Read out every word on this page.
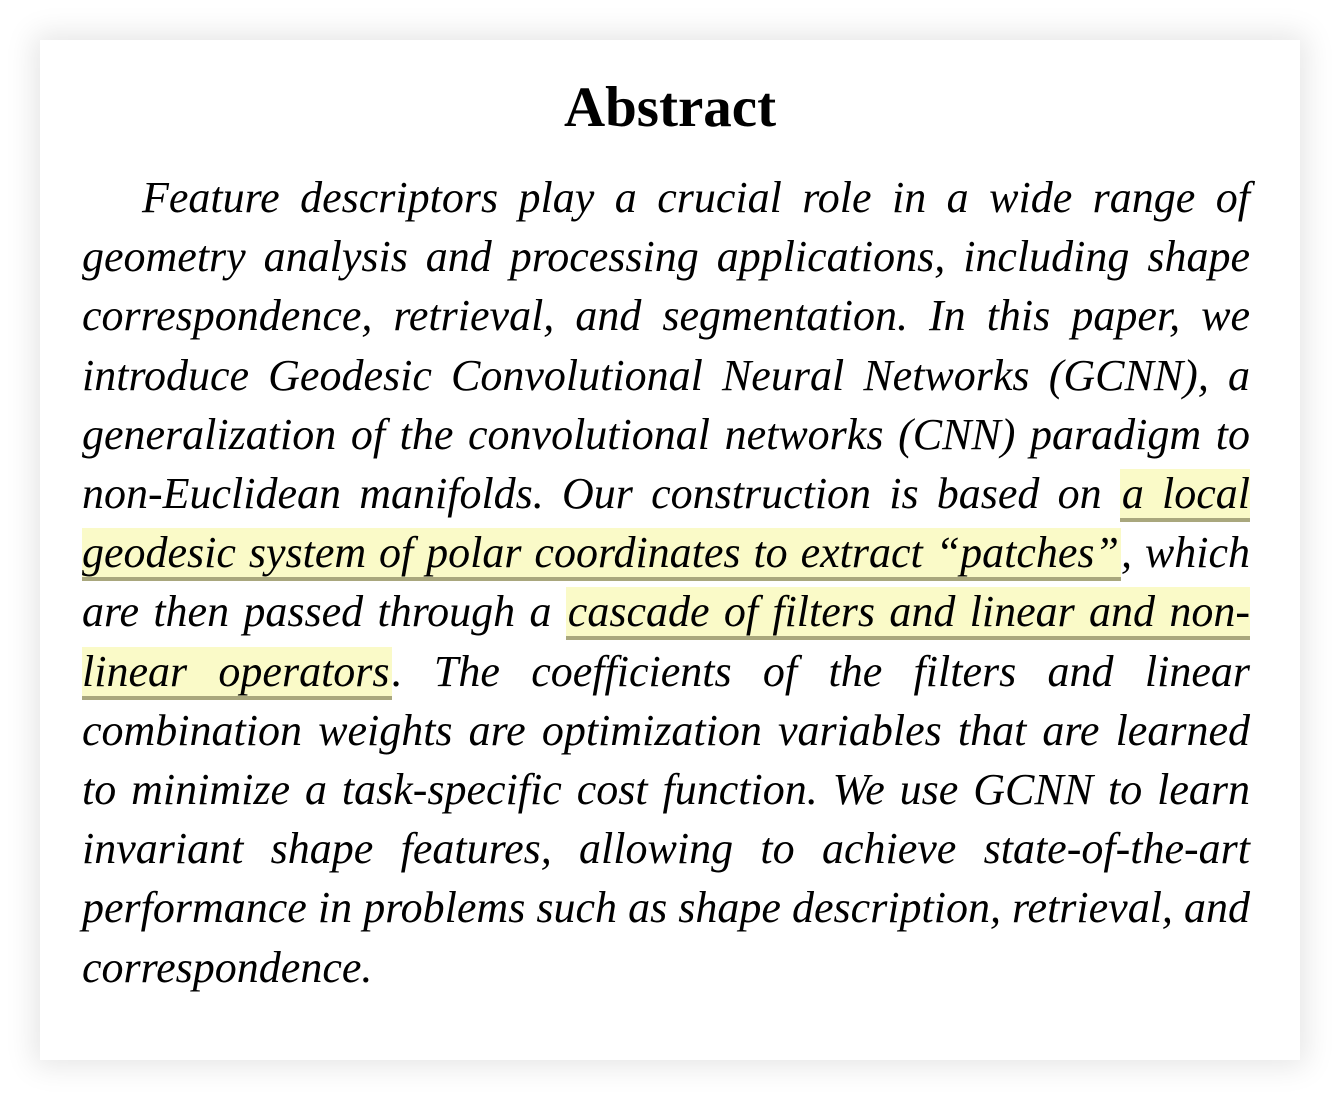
Abstract

Feature descriptors play a crucial role in a wide range of geometry analysis and processing applications, including shape correspondence, retrieval, and segmentation. In this paper, we introduce Geodesic Convolutional Neural Networks (GCNN), a generalization of the convolutional networks (CNN) paradigm to non-Euclidean manifolds. Our construction is based on a local geodesic system of polar coordinates to extract “patches”, which are then passed through a cascade of filters and linear and non-linear operators. The coefficients of the filters and linear combination weights are optimization variables that are learned to minimize a task-specific cost function. We use GCNN to learn invariant shape features, allowing to achieve state-of-the-art performance in problems such as shape description, retrieval, and correspondence.
